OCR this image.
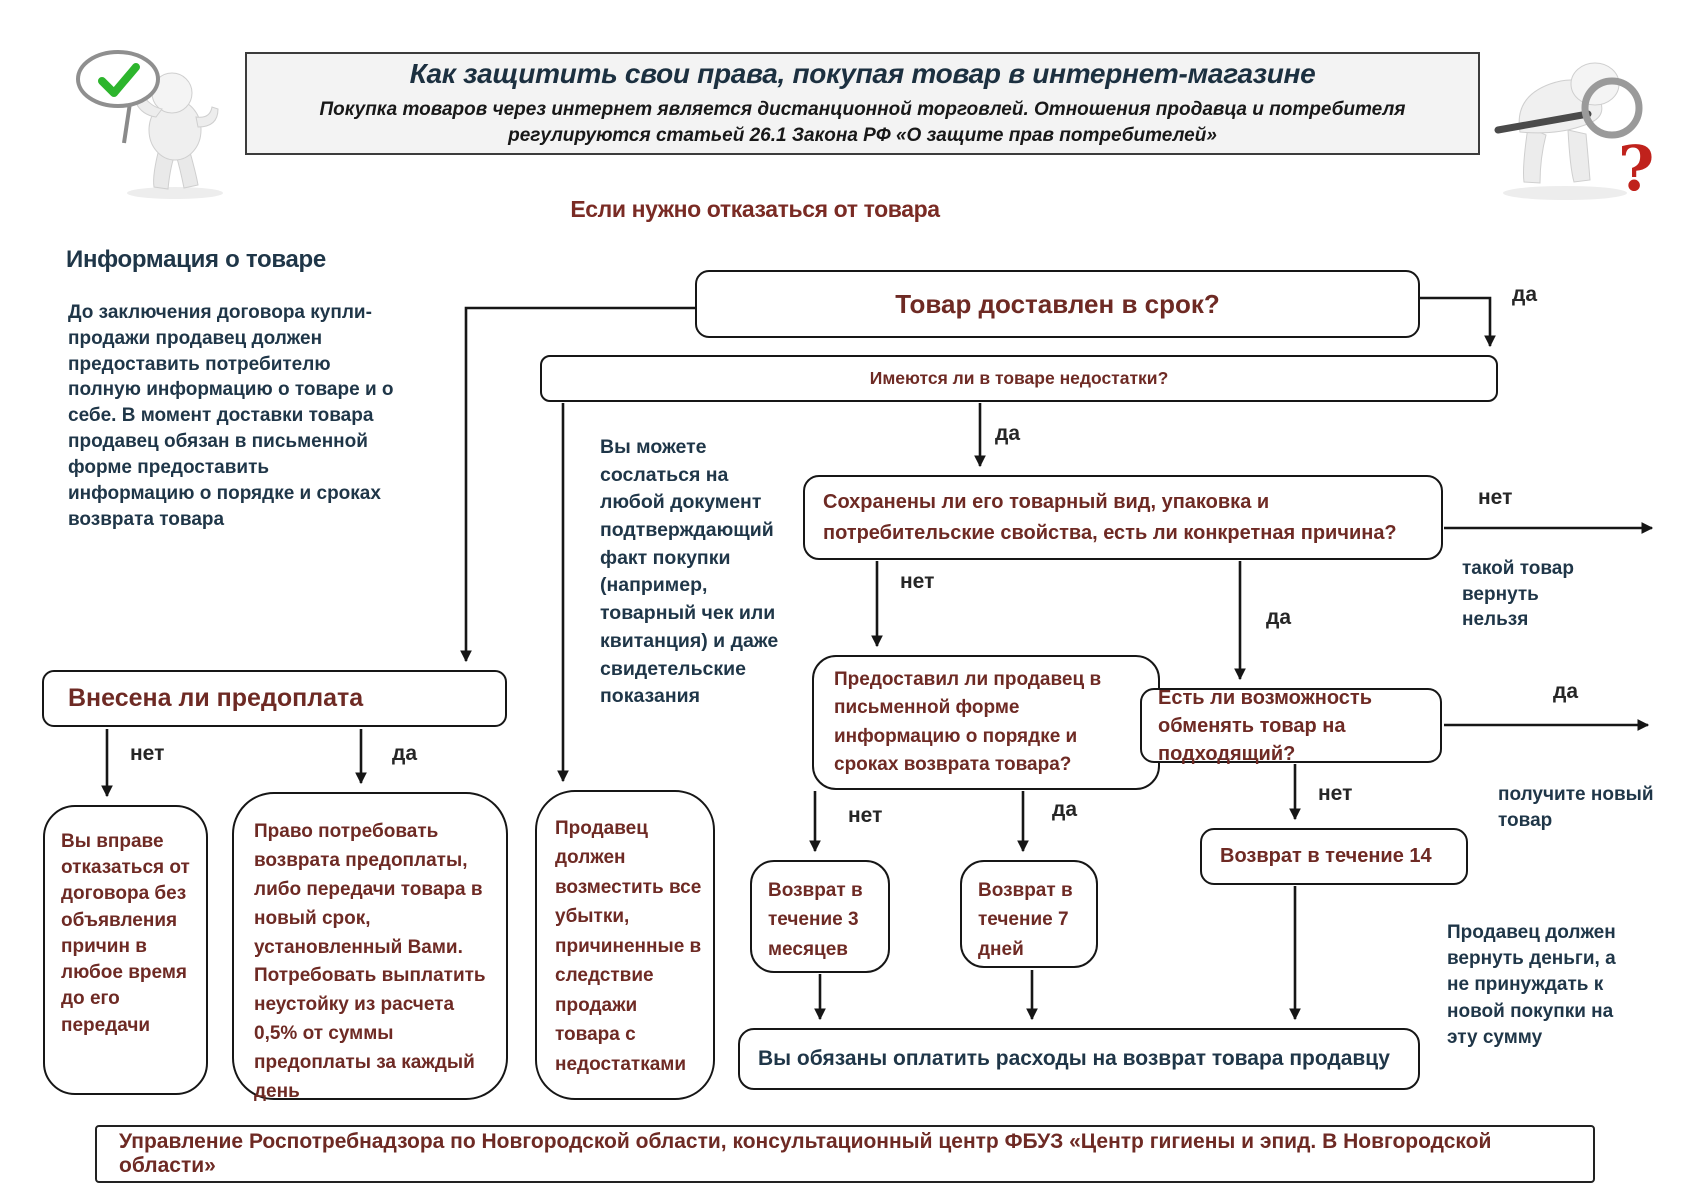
?
Как защитить свои права, покупая товар в интернет-магазине
Покупка товаров через интернет является дистанционной торговлей. Отношения продавца и потребителя регулируются статьей 26.1 Закона РФ «О защите прав потребителей»
Если нужно отказаться от товара
Информация о товаре
До заключения договора купли-продажи продавец должен предоставить потребителю полную информацию о товаре и о себе. В момент доставки товара продавец обязан в письменной форме предоставить информацию о порядке и сроках возврата товара
Товар доставлен в срок?
Имеются ли в товаре недостатки?
Сохранены ли его товарный вид, упаковка и потребительские свойства, есть ли конкретная причина?
Предоставил ли продавец в письменной форме информацию о порядке и сроках возврата товара?
Есть ли возможность обменять товар на подходящий?
Внесена ли предоплата
Вы вправе отказаться от договора без объявления причин в любое время до его передачи
Право потребовать возврата предоплаты, либо передачи товара в новый срок, установленный Вами. Потребовать выплатить неустойку из расчета 0,5% от суммы предоплаты за каждый день
Продавец должен возместить все убытки, причиненные в следствие продажи товара с недостатками
Возврат в течение 3 месяцев
Возврат в течение 7 дней
Возврат в течение 14
Вы обязаны оплатить расходы на возврат товара продавцу
Вы можете сослаться на любой документ подтверждающий факт покупки (например, товарный чек или квитанция) и даже свидетельские показания
такой товар вернуть нельзя
получите новый товар
Продавец должен вернуть деньги, а не принуждать к новой покупки на эту сумму
да
да
нет
нет
да
нет	да
да
нет
нет	да
Управление Роспотребнадзора по Новгородской области, консультационный центр ФБУЗ «Центр гигиены и эпид. В Новгородской области»
